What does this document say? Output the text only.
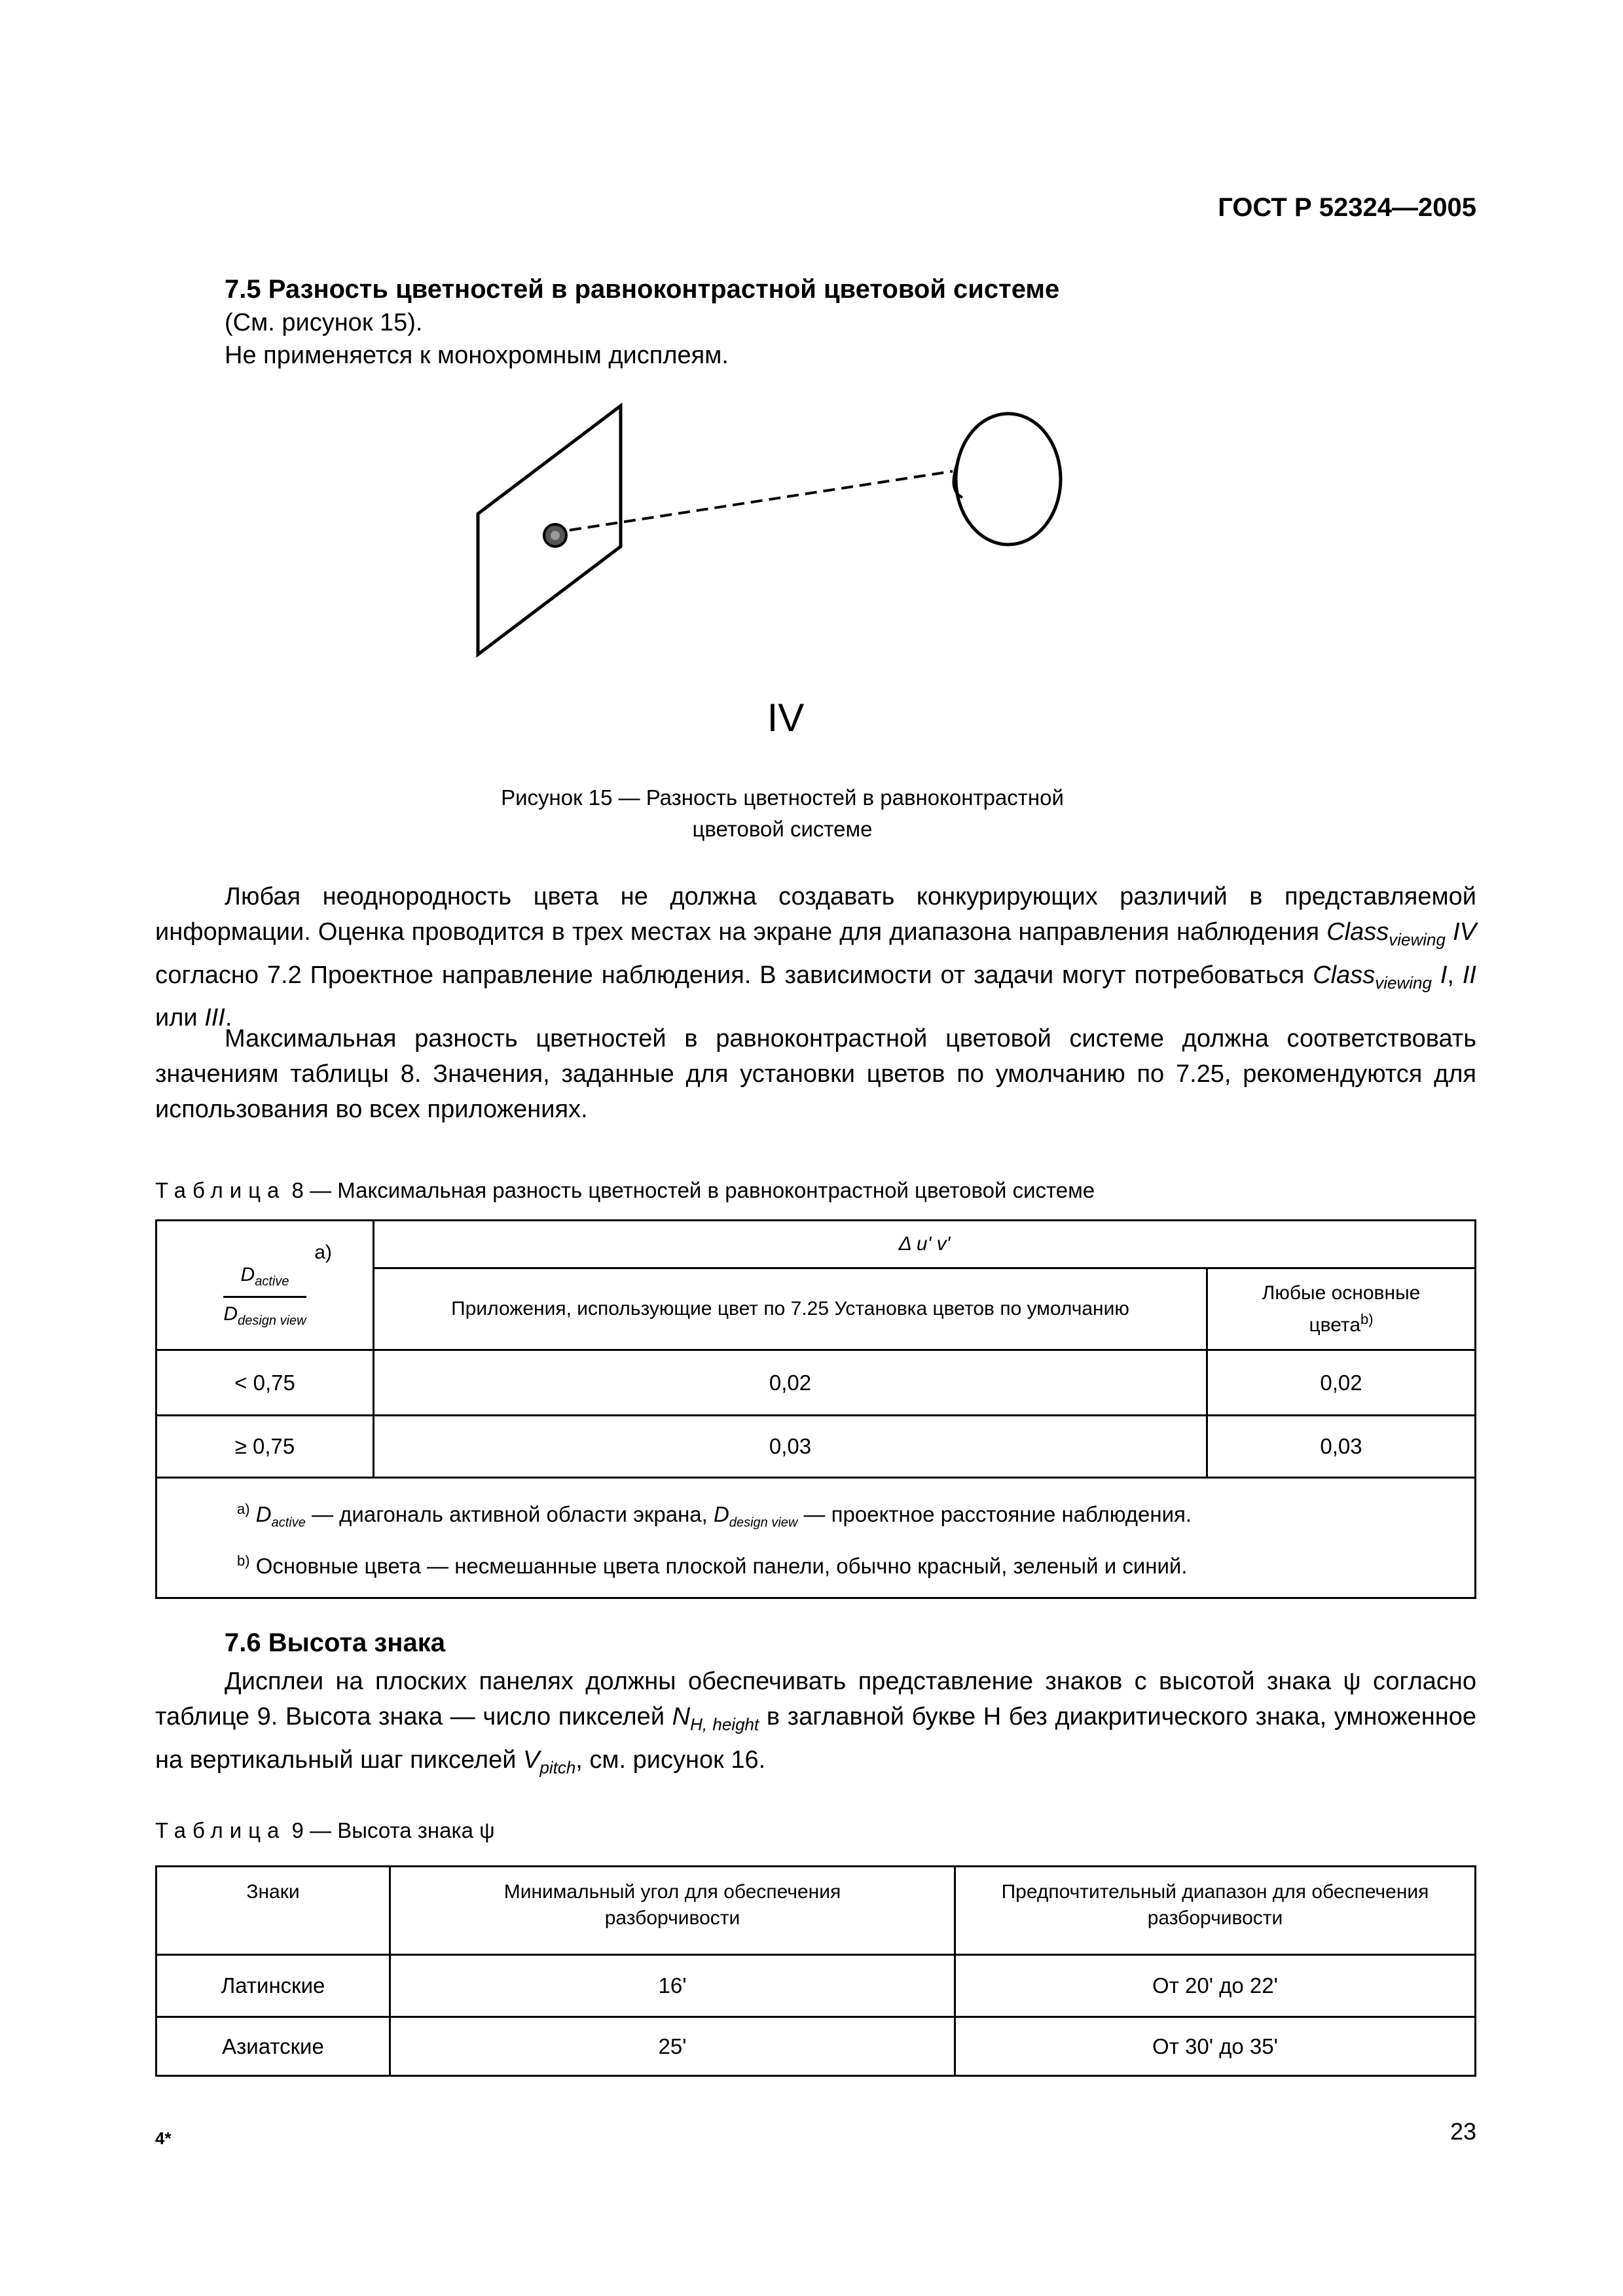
ГОСТ Р 52324—2005
7.5 Разность цветностей в равноконтрастной цветовой системе
(См. рисунок 15).
Не применяется к монохромным дисплеям.
IV
Рисунок 15 — Разность цветностей в равноконтрастной
цветовой системе

Любая неоднородность цвета не должна создавать конкурирующих различий в представляемой информации. Оценка проводится в трех местах на экране для диапазона направления наблюдения Class$_{viewing}$ IV согласно 7.2 Проектное направление наблюдения. В зависимости от задачи могут потребоваться Class$_{viewing}$ I, II или III.

Максимальная разность цветностей в равноконтрастной цветовой системе должна соответствовать значениям таблицы 8. Значения, заданные для установки цветов по умолчанию по 7.25, рекомендуются для использования во всех приложениях.

Таблица 8 — Максимальная разность цветностей в равноконтрастной цветовой системе
а)
$\frac{D_{active}}{D_{design view}}$	Δ u' v'	
	Приложения, использующие цвет по 7.25 Установка цветов по умолчанию	Любые основные цвета$^{b)}$
< 0,75	0,02	0,02
≥ 0,75	0,03	0,03

$^{а)}$ $D_{active}$ — диагональ активной области экрана, $D_{design view}$ — проектное расстояние наблюдения.
$^{b)}$ Основные цвета — несмешанные цвета плоской панели, обычно красный, зеленый и синий.		
7.6 Высота знака

Дисплеи на плоских панелях должны обеспечивать представление знаков с высотой знака ψ согласно таблице 9. Высота знака — число пикселей $N_{H, height}$ в заглавной букве H без диакритического знака, умноженное на вертикальный шаг пикселей $V_{pitch}$, см. рисунок 16.

Таблица 9 — Высота знака ψ
Знаки	Минимальный угол для обеспечения разборчивости	Предпочтительный диапазон для обеспечения разборчивости
Латинские	16'	От 20' до 22'
Азиатские	25'	От 30' до 35'
4*	23
